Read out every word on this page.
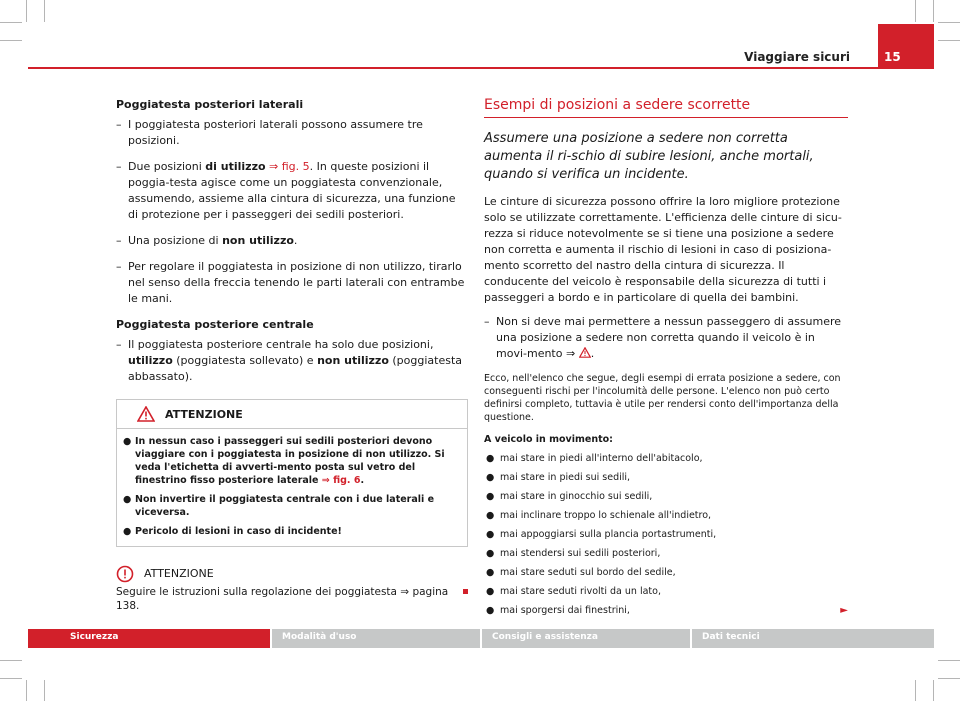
Viaggiare sicuri	15
Poggiatesta posteriori laterali
– I poggiatesta posteriori laterali possono assumere tre posizioni.
– Due posizioni di utilizzo ⇒ fig. 5. In queste posizioni il poggia-testa agisce come un poggiatesta convenzionale, assumendo, assieme alla cintura di sicurezza, una funzione di protezione per i passeggeri dei sedili posteriori.
– Una posizione di non utilizzo.
– Per regolare il poggiatesta in posizione di non utilizzo, tirarlo nel senso della freccia tenendo le parti laterali con entrambe le mani.
Poggiatesta posteriore centrale
– Il poggiatesta posteriore centrale ha solo due posizioni, utilizzo (poggiatesta sollevato) e non utilizzo (poggiatesta abbassato).
ATTENZIONE
● In nessun caso i passeggeri sui sedili posteriori devono viaggiare con i poggiatesta in posizione di non utilizzo. Si veda l'etichetta di avverti-mento posta sul vetro del finestrino fisso posteriore laterale ⇒ fig. 6.
● Non invertire il poggiatesta centrale con i due laterali e viceversa.
● Pericolo di lesioni in caso di incidente!
ATTENZIONE
Seguire le istruzioni sulla regolazione dei poggiatesta ⇒ pagina 138.
Esempi di posizioni a sedere scorrette
Assumere una posizione a sedere non corretta aumenta il ri-schio di subire lesioni, anche mortali, quando si verifica un incidente.
Le cinture di sicurezza possono offrire la loro migliore protezione solo se utilizzate correttamente. L'efficienza delle cinture di sicu-rezza si riduce notevolmente se si tiene una posizione a sedere non corretta e aumenta il rischio di lesioni in caso di posiziona-mento scorretto del nastro della cintura di sicurezza. Il conducente del veicolo è responsabile della sicurezza di tutti i passeggeri a bordo e in particolare di quella dei bambini.
– Non si deve mai permettere a nessun passeggero di assumere una posizione a sedere non corretta quando il veicolo è in movi-mento ⇒ .
Ecco, nell'elenco che segue, degli esempi di errata posizione a sedere, con conseguenti rischi per l'incolumità delle persone. L'elenco non può certo definirsi completo, tuttavia è utile per rendersi conto dell'importanza della questione.
A veicolo in movimento:
● mai stare in piedi all'interno dell'abitacolo,
● mai stare in piedi sui sedili,
● mai stare in ginocchio sui sedili,
● mai inclinare troppo lo schienale all'indietro,
● mai appoggiarsi sulla plancia portastrumenti,
● mai stendersi sui sedili posteriori,
● mai stare seduti sul bordo del sedile,
● mai stare seduti rivolti da un lato,
● mai sporgersi dai finestrini,	►
Sicurezza	Modalità d'uso	Consigli e assistenza	Dati tecnici
